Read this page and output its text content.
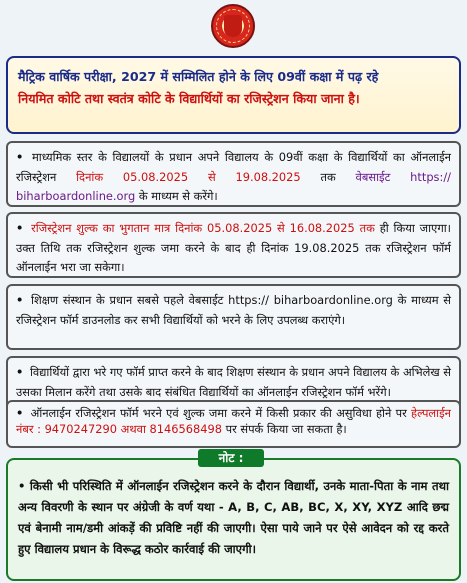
मैट्रिक वार्षिक परीक्षा, 2027 में सम्मिलित होने के लिए 09वीं कक्षा में पढ़ रहे
नियमित कोटि तथा स्वतंत्र कोटि के विद्यार्थियों का रजिस्ट्रेशन किया जाना है।
• माध्यमिक स्तर के विद्यालयों के प्रधान अपने विद्यालय के 09वीं कक्षा के विद्यार्थियों का ऑनलाईन रजिस्ट्रेशन दिनांक 05.08.2025 से 19.08.2025 तक वेबसाईट https:// biharboardonline.org के माध्यम से करेंगे।
• रजिस्ट्रेशन शुल्क का भुगतान मात्र दिनांक 05.08.2025 से 16.08.2025 तक ही किया जाएगा। उक्त तिथि तक रजिस्ट्रेशन शुल्क जमा करने के बाद ही दिनांक 19.08.2025 तक रजिस्ट्रेशन फॉर्म ऑनलाईन भरा जा सकेगा।
• शिक्षण संस्थान के प्रधान सबसे पहले वेबसाईट https:// biharboardonline.org के माध्यम से रजिस्ट्रेशन फॉर्म डाउनलोड कर सभी विद्यार्थियों को भरने के लिए उपलब्ध कराएंगे।
• विद्यार्थियों द्वारा भरे गए फॉर्म प्राप्त करने के बाद शिक्षण संस्थान के प्रधान अपने विद्यालय के अभिलेख से उसका मिलान करेंगे तथा उसके बाद संबंधित विद्यार्थियों का ऑनलाईन रजिस्ट्रेशन फॉर्म भरेंगे।
• ऑनलाईन रजिस्ट्रेशन फॉर्म भरने एवं शुल्क जमा करने में किसी प्रकार की असुविधा होने पर हेल्पलाईन नंबर : 9470247290 अथवा 8146568498 पर संपर्क किया जा सकता है।
नोट :
• किसी भी परिस्थिति में ऑनलाईन रजिस्ट्रेशन करने के दौरान विद्यार्थी, उनके माता-पिता के नाम तथा अन्य विवरणी के स्थान पर अंग्रेजी के वर्ण यथा - A, B, C, AB, BC, X, XY, XYZ आदि छद्म एवं बेनामी नाम/डमी आंकड़ें की प्रविष्टि नहीं की जाएगी। ऐसा पाये जाने पर ऐसे आवेदन को रद्द करते हुए विद्यालय प्रधान के विरूद्ध कठोर कार्रवाई की जाएगी।
